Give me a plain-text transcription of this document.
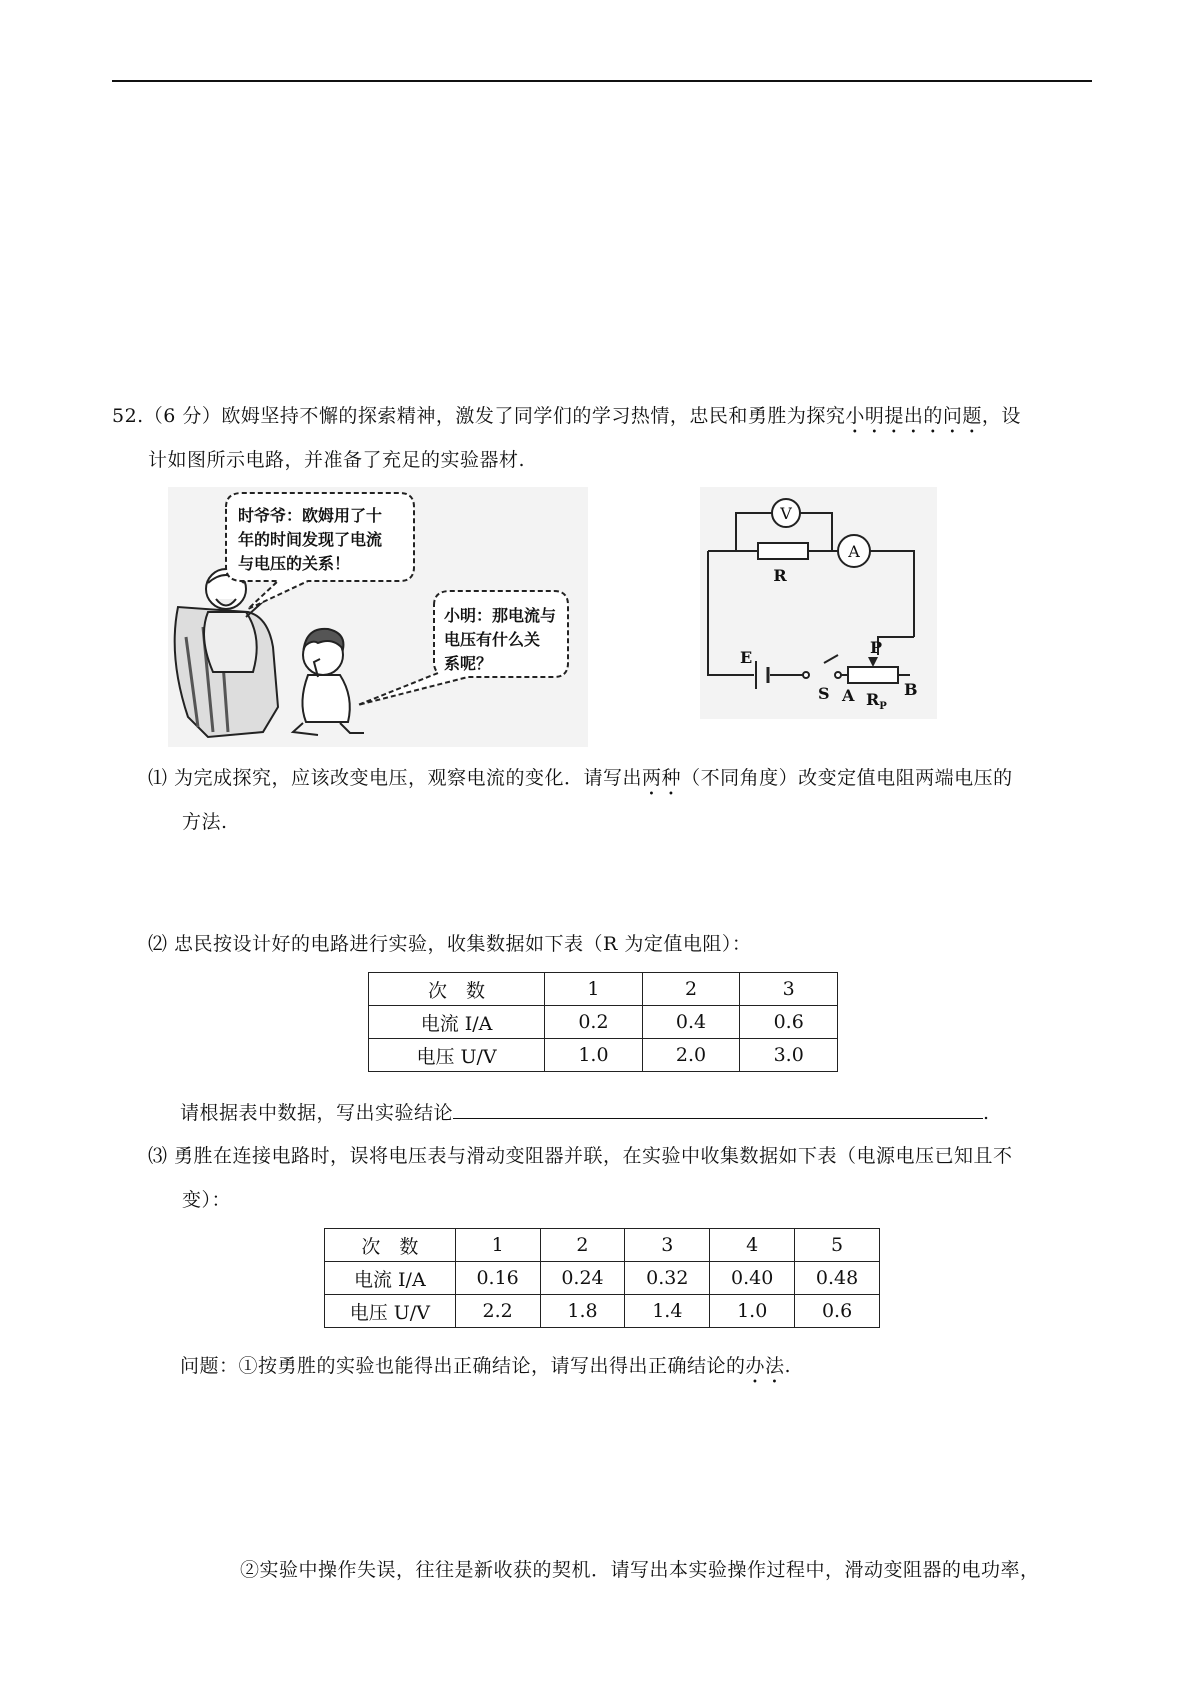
52.（6 分）欧姆坚持不懈的探索精神，激发了同学们的学习热情，忠民和勇胜为探究小明提出的问题，设
计如图所示电路，并准备了充足的实验器材.
时爷爷：欧姆用了十
年的时间发现了电流
与电压的关系！
小明：那电流与
电压有什么关
系呢？
V
R
A
E
S
P
A	B
$R_P$
⑴ 为完成探究，应该改变电压，观察电流的变化．请写出两种（不同角度）改变定值电阻两端电压的
方法.
⑵ 忠民按设计好的电路进行实验，收集数据如下表（R 为定值电阻）：
次　数	1	2	3
电流 I/A	0.2	0.4	0.6
电压 U/V	1.0	2.0	3.0
请根据表中数据，写出实验结论	.
⑶ 勇胜在连接电路时，误将电压表与滑动变阻器并联，在实验中收集数据如下表（电源电压已知且不
变）：
次　数	1	2	3	4	5
电流 I/A	0.16	0.24	0.32	0.40	0.48
电压 U/V	2.2	1.8	1.4	1.0	0.6
问题：①按勇胜的实验也能得出正确结论，请写出得出正确结论的办法.
②实验中操作失误，往往是新收获的契机．请写出本实验操作过程中，滑动变阻器的电功率，
